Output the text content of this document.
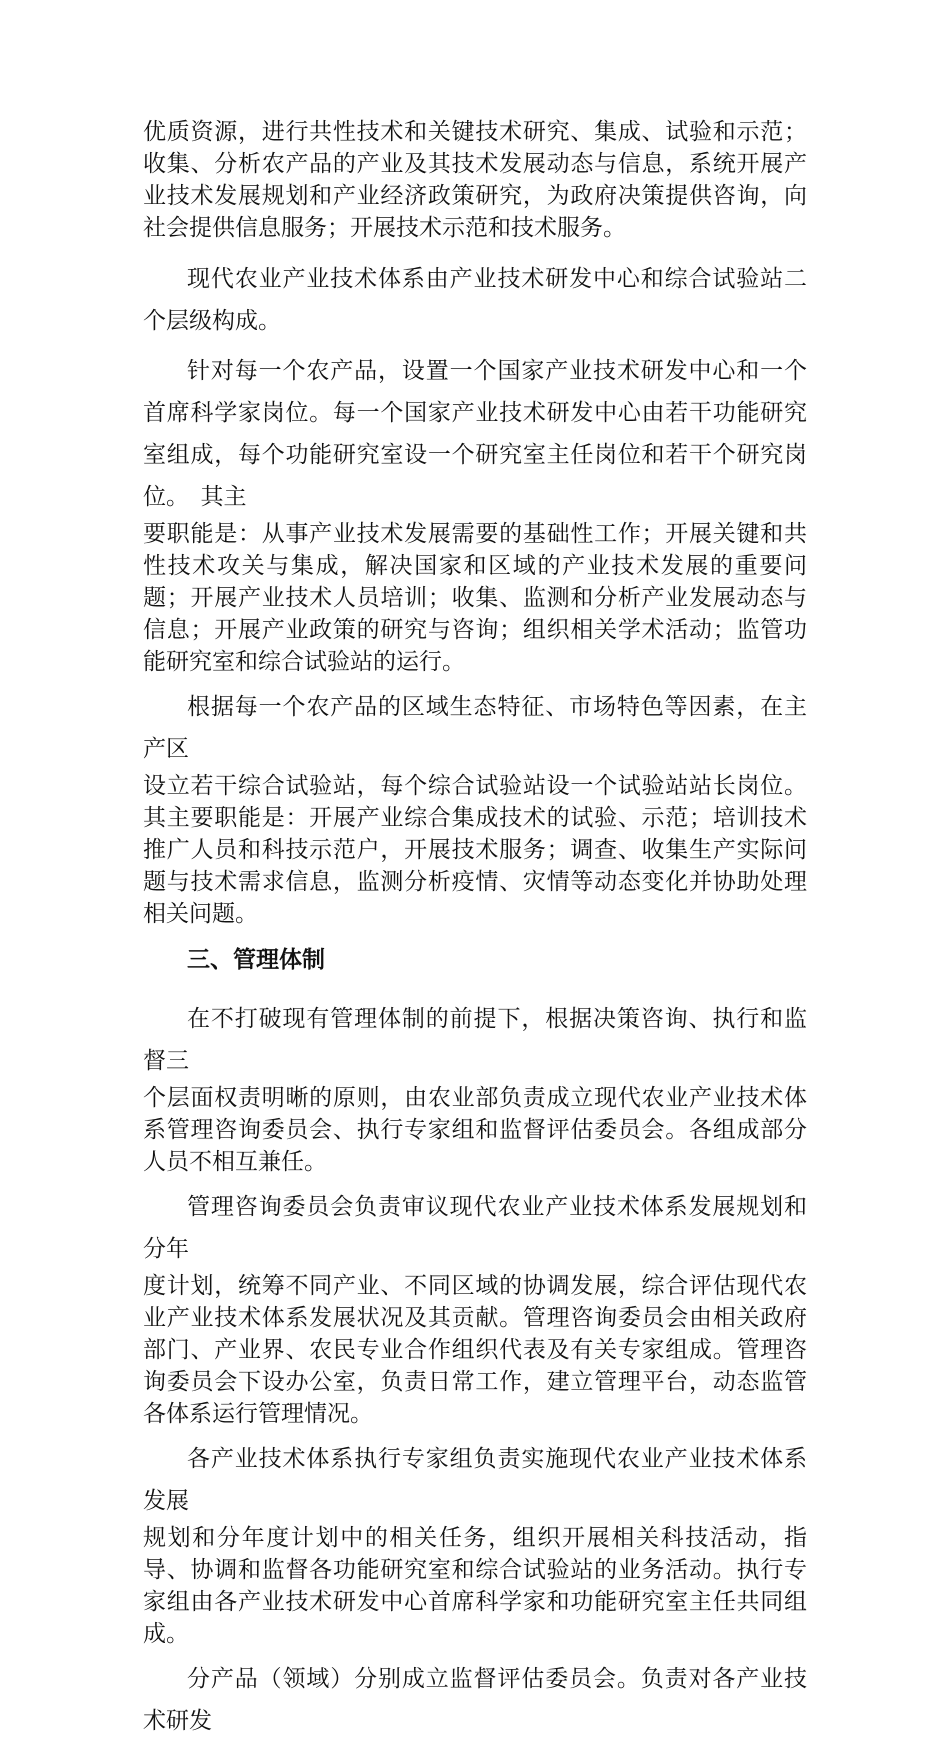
优质资源，进行共性技术和关键技术研究、集成、试验和示范；收集、分析农产品的产业及其技术发展动态与信息，系统开展产业技术发展规划和产业经济政策研究，为政府决策提供咨询，向社会提供信息服务；开展技术示范和技术服务。

现代农业产业技术体系由产业技术研发中心和综合试验站二个层级构成。

针对每一个农产品，设置一个国家产业技术研发中心和一个首席科学家岗位。每一个国家产业技术研发中心由若干功能研究室组成，每个功能研究室设一个研究室主任岗位和若干个研究岗位。　其主

要职能是：从事产业技术发展需要的基础性工作；开展关键和共性技术攻关与集成，解决国家和区域的产业技术发展的重要问题；开展产业技术人员培训；收集、监测和分析产业发展动态与信息；开展产业政策的研究与咨询；组织相关学术活动；监管功能研究室和综合试验站的运行。

根据每一个农产品的区域生态特征、市场特色等因素，在主产区

设立若干综合试验站，每个综合试验站设一个试验站站长岗位。其主要职能是：开展产业综合集成技术的试验、示范；培训技术推广人员和科技示范户，开展技术服务；调查、收集生产实际问题与技术需求信息，监测分析疫情、灾情等动态变化并协助处理相关问题。

三、管理体制

在不打破现有管理体制的前提下，根据决策咨询、执行和监督三

个层面权责明晰的原则，由农业部负责成立现代农业产业技术体系管理咨询委员会、执行专家组和监督评估委员会。各组成部分人员不相互兼任。

管理咨询委员会负责审议现代农业产业技术体系发展规划和分年

度计划，统筹不同产业、不同区域的协调发展，综合评估现代农业产业技术体系发展状况及其贡献。管理咨询委员会由相关政府部门、产业界、农民专业合作组织代表及有关专家组成。管理咨询委员会下设办公室，负责日常工作，建立管理平台，动态监管各体系运行管理情况。

各产业技术体系执行专家组负责实施现代农业产业技术体系发展

规划和分年度计划中的相关任务，组织开展相关科技活动，指导、协调和监督各功能研究室和综合试验站的业务活动。执行专家组由各产业技术研发中心首席科学家和功能研究室主任共同组成。

分产品（领域）分别成立监督评估委员会。负责对各产业技术研发
